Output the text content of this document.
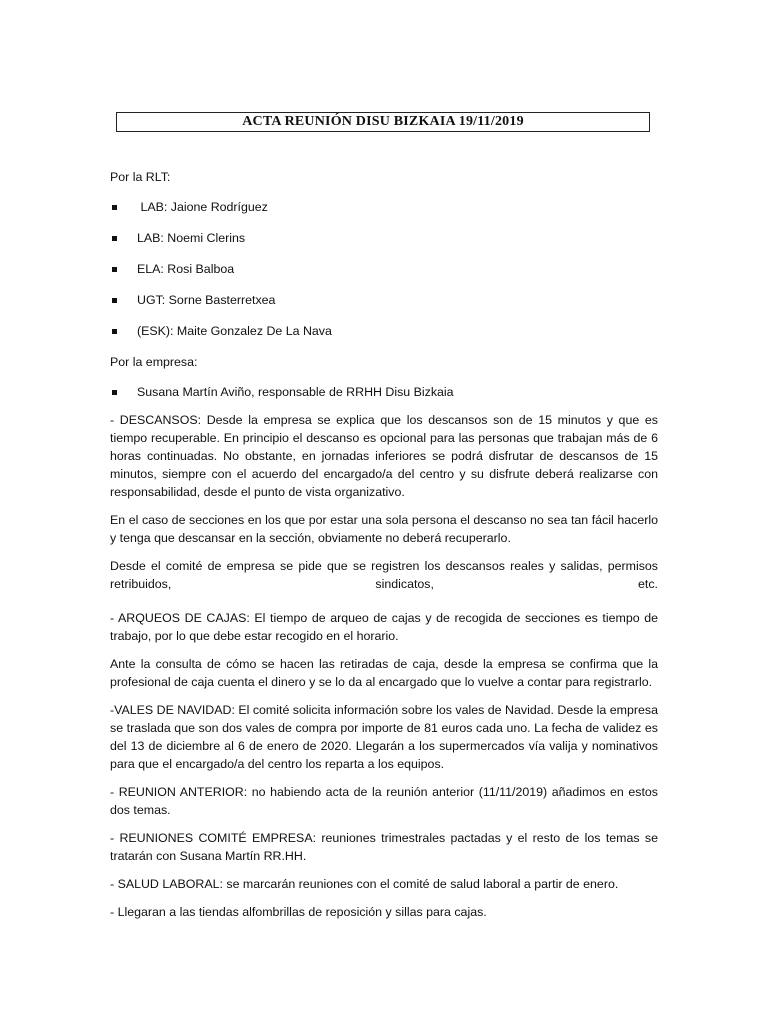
ACTA REUNIÓN DISU BIZKAIA 19/11/2019

Por la RLT:

LAB: Jaione Rodríguez
LAB: Noemi Clerins
ELA: Rosi Balboa
UGT: Sorne Basterretxea
(ESK): Maite Gonzalez De La Nava

Por la empresa:

Susana Martín Aviño, responsable de RRHH Disu Bizkaia

- DESCANSOS: Desde la empresa se explica que los descansos son de 15 minutos y que es tiempo recuperable. En principio el descanso es opcional para las personas que trabajan más de 6 horas continuadas. No obstante, en jornadas inferiores se podrá disfrutar de descansos de 15 minutos, siempre con el acuerdo del encargado/a del centro y su disfrute deberá realizarse con responsabilidad, desde el punto de vista organizativo.

En el caso de secciones en los que por estar una sola persona el descanso no sea tan fácil hacerlo y tenga que descansar en la sección, obviamente no deberá recuperarlo.

Desde el comité de empresa se pide que se registren los descansos reales y salidas, permisos retribuidos, sindicatos, etc.

- ARQUEOS DE CAJAS: El tiempo de arqueo de cajas y de recogida de secciones es tiempo de trabajo, por lo que debe estar recogido en el horario.

Ante la consulta de cómo se hacen las retiradas de caja, desde la empresa se confirma que la profesional de caja cuenta el dinero y se lo da al encargado que lo vuelve a contar para registrarlo.

-VALES DE NAVIDAD: El comité solicita información sobre los vales de Navidad. Desde la empresa se traslada que son dos vales de compra por importe de 81 euros cada uno. La fecha de validez es del 13 de diciembre al 6 de enero de 2020. Llegarán a los supermercados vía valija y nominativos para que el encargado/a del centro los reparta a los equipos.

- REUNION ANTERIOR: no habiendo acta de la reunión anterior (11/11/2019) añadimos en estos dos temas.

- REUNIONES COMITÉ EMPRESA: reuniones trimestrales pactadas y el resto de los temas se tratarán con Susana Martín RR.HH.

- SALUD LABORAL: se marcarán reuniones con el comité de salud laboral a partir de enero.

- Llegaran a las tiendas alfombrillas de reposición y sillas para cajas.
